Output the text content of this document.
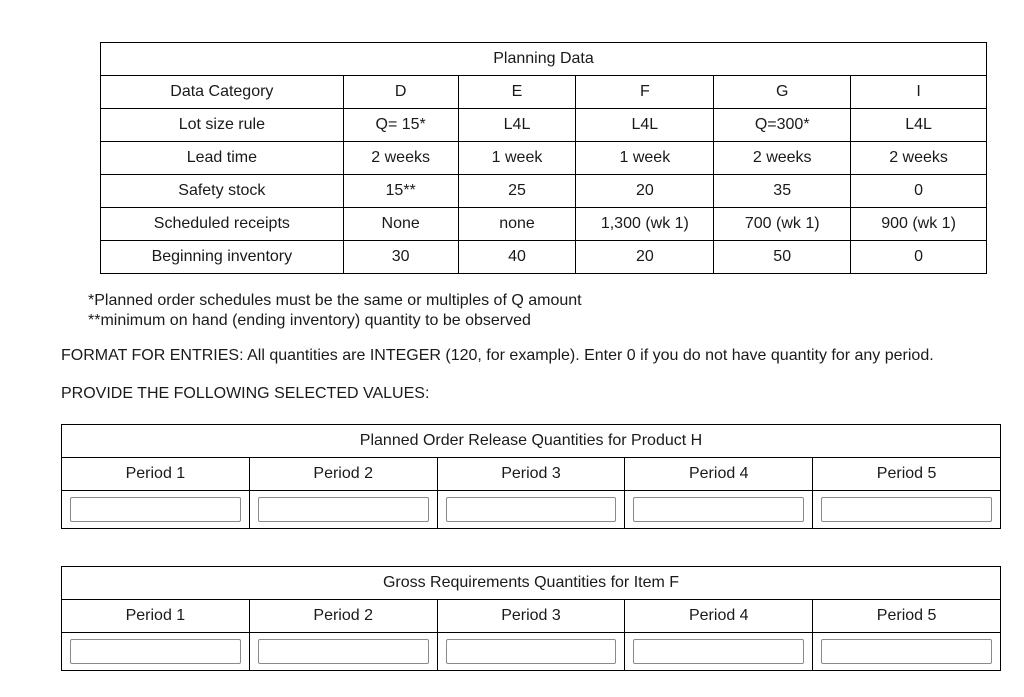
Planning Data					
Data Category	D	E	F	G	I
Lot size rule	Q= 15*	L4L	L4L	Q=300*	L4L
Lead time	2 weeks	1 week	1 week	2 weeks	2 weeks
Safety stock	15**	25	20	35	0
Scheduled receipts	None	none	1,300 (wk 1)	700 (wk 1)	900 (wk 1)
Beginning inventory	30	40	20	50	0
*Planned order schedules must be the same or multiples of Q amount
**minimum on hand (ending inventory) quantity to be observed
FORMAT FOR ENTRIES: All quantities are INTEGER (120, for example). Enter 0 if you do not have quantity for any period.
PROVIDE THE FOLLOWING SELECTED VALUES:
Planned Order Release Quantities for Product H				
Period 1	Period 2	Period 3	Period 4	Period 5

Gross Requirements Quantities for Item F				
Period 1	Period 2	Period 3	Period 4	Period 5
